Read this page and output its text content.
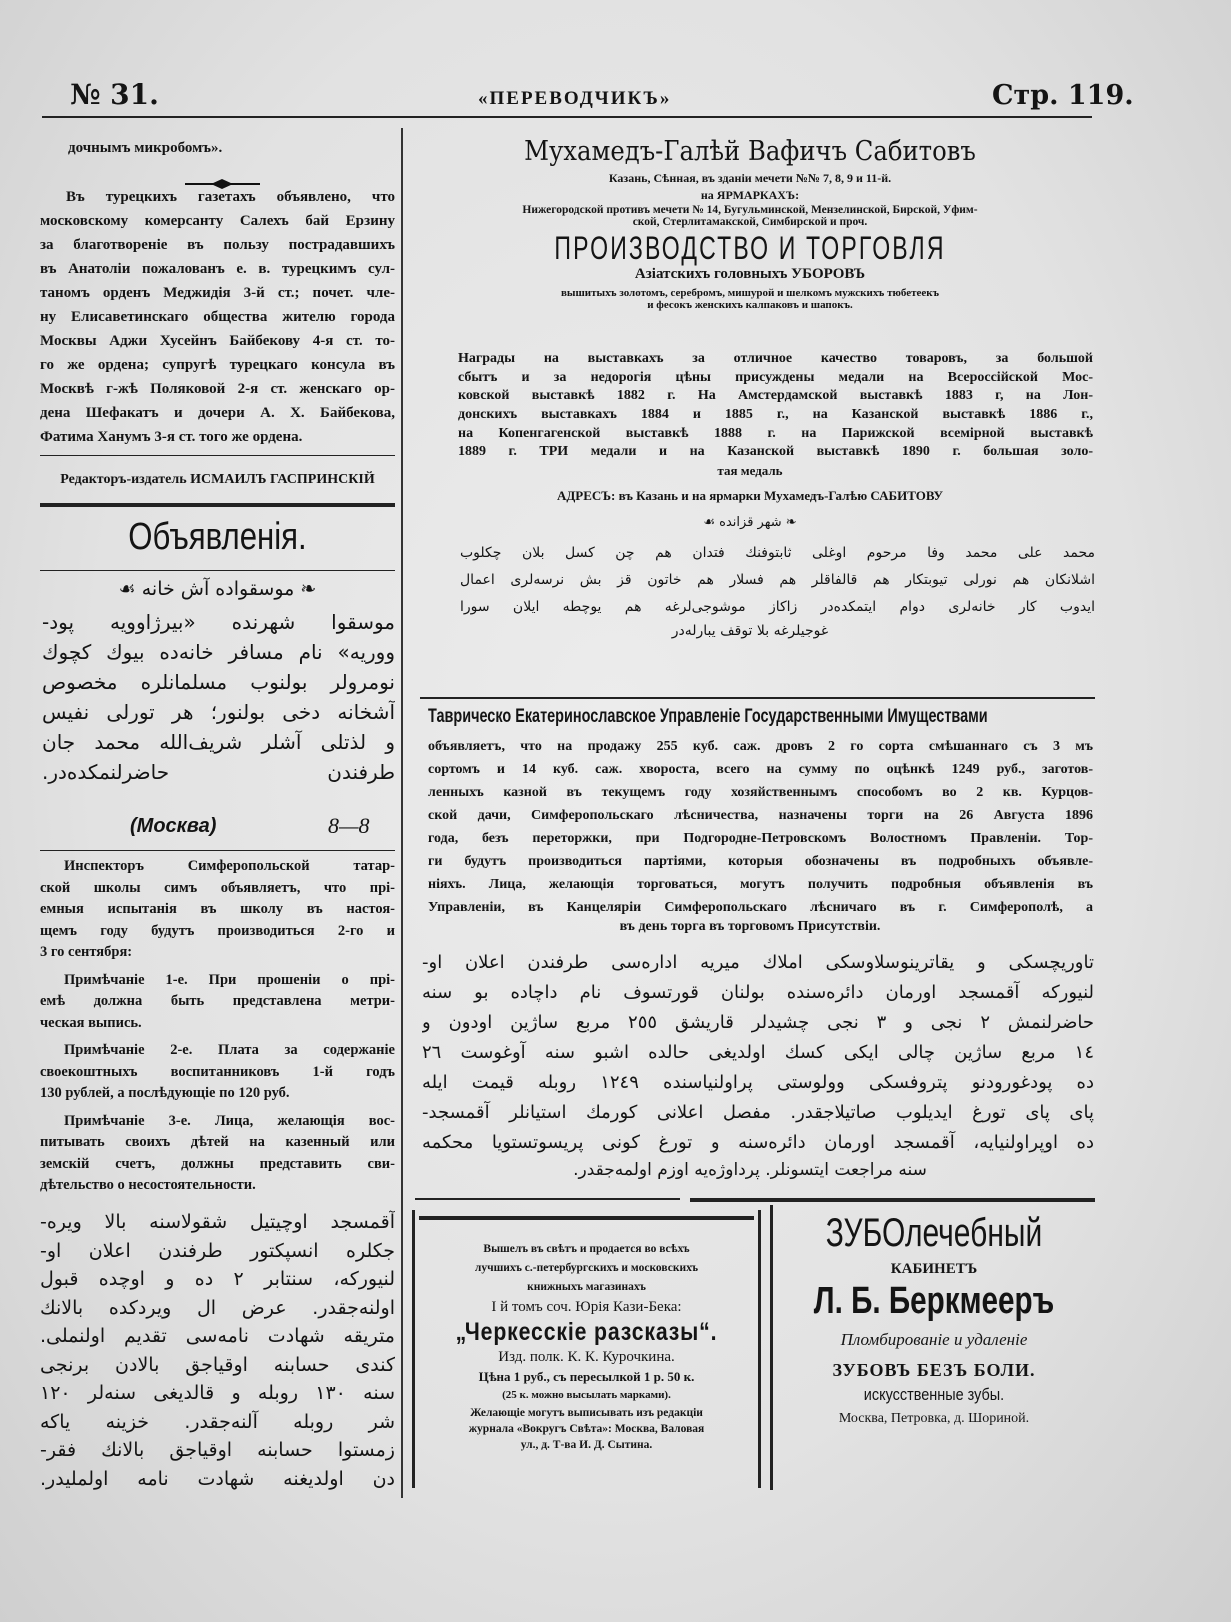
№ 31.	«ПЕРЕВОДЧИКЪ»	Стр. 119.
дочнымъ микробомъ».
Въ турецкихъ газетахъ объявлено, что
московскому комерсанту Салехъ бай Ерзину
за благотвореніе въ пользу пострадавшихъ
въ Анатоліи пожалованъ е. в. турецкимъ сул-
таномъ орденъ Меджидія 3-й ст.; почет. чле-
ну Елисаветинскаго общества жителю города
Москвы Аджи Хусейнъ Байбекову 4-я ст. то-
го же ордена; супругѣ турецкаго консула въ
Москвѣ г-жѣ Поляковой 2-я ст. женскаго ор-
дена Шефакатъ и дочери А. Х. Байбекова,
Фатима Ханумъ 3-я ст. того же ордена.
Редакторъ-издатель ИСМАИЛЪ ГАСПРИНСКІЙ
Объявленія.
❧ موسقواده آش خانه ☙
موسقوا شهرنده «بيرژاوويه پود-
ووريه» نام مسافر خانه‌ده بيوك كچوك
نومرولر بولنوب مسلمانلره مخصوص
آشخانه دخی بولنور؛ هر تورلی نفيس
و لذتلی آشلر شريف‌الله محمد جان
طرفندن حاضرلنمكده‌در.
(Москва)	8—8
Инспекторъ Симферопольской татар-
ской школы симъ объявляетъ, что прі-
емныя испытанія въ школу въ настоя-
щемъ году будутъ производиться 2-го и
3 го сентября:
Примѣчаніе 1-е. При прошеніи о прі-
емѣ должна быть представлена метри-
ческая выпись.
Примѣчаніе 2-е. Плата за содержаніе
своекоштныхъ воспитанниковъ 1-й годъ
130 рублей, а послѣдующіе по 120 руб.
Примѣчаніе 3-е. Лица, желающія вос-
питывать своихъ дѣтей на казенный или
земскій счетъ, должны представить сви-
дѣтельство о несостоятельности.
آقمسجد اوچيتيل شقولاسنه بالا ويره-
جكلره انسپكتور طرفندن اعلان او-
لنيوركه، سنتابر ٢ ده و اوچده قبول
اولنه‌جقدر. عرض ال ويردكده بالانك
متريقه شهادت نامه‌سی تقديم اولنملی.
كندی حسابنه اوقياجق بالادن برنجی
سنه ١٣٠ روبله و قالديغی سنه‌لر ١٢٠
شر روبله آلنه‌جقدر. خزينه ياكه
زمستوا حسابنه اوقياجق بالانك فقر-
دن اولديغنه شهادت نامه اولمليدر.
Мухамедъ-Галѣй Вафичъ Сабитовъ
Казань, Сѣнная, въ зданіи мечети №№ 7, 8, 9 и 11-й.
на ЯРМАРКАХЪ:
Нижегородской противъ мечети № 14, Бугульминской, Мензелинской, Бирской, Уфим-
ской, Стерлитамакской, Симбирской и проч.
ПРОИЗВОДСТВО И ТОРГОВЛЯ
Азіатскихъ головныхъ УБОРОВЪ
вышитыхъ золотомъ, серебромъ, мишурой и шелкомъ мужскихъ тюбетеекъ
и фесокъ женскихъ калпаковъ и шапокъ.
Награды на выставкахъ за отличное качество товаровъ, за большой
сбытъ и за недорогія цѣны присуждены медали на Всероссійской Мос-
ковской выставкѣ 1882 г. На Амстердамской выставкѣ 1883 г, на Лон-
донскихъ выставкахъ 1884 и 1885 г., на Казанской выставкѣ 1886 г.,
на Копенгагенской выставкѣ 1888 г. на Парижской всемірной выставкѣ
1889 г. ТРИ медали и на Казанской выставкѣ 1890 г. большая золо-
тая медаль
АДРЕСЪ: въ Казань и на ярмарки Мухамедъ-Галѣю САБИТОВУ
❧ شهر قزانده ☙
محمد علی محمد وفا مرحوم اوغلی ثابتوفنك فتدان هم چن كسل بلان چكلوب
اشلانكان هم نورلی تيوبتكار هم قالفاقلر هم فسلار هم خاتون قز بش نرسه‌لری اعمال
ايدوب كار خانه‌لری دوام ايتمكده‌در زاكاز موشوجی‌لرغه هم يوچطه ايلان سورا
غوجيلرغه بلا توقف يبارله‌در
Таврическо Екатеринославское Управленіе Государственными Имуществами
объявляетъ, что на продажу 255 куб. саж. дровъ 2 го сорта смѣшаннаго съ 3 мъ
сортомъ и 14 куб. саж. хвороста, всего на сумму по оцѣнкѣ 1249 руб., заготов-
ленныхъ казной въ текущемъ году хозяйственнымъ способомъ во 2 кв. Курцов-
ской дачи, Симферопольскаго лѣсничества, назначены торги на 26 Августа 1896
года, безъ переторжки, при Подгородне-Петровскомъ Волостномъ Правленіи. Тор-
ги будутъ производиться партіями, которыя обозначены въ подробныхъ объявле-
ніяхъ. Лица, желающія торговаться, могутъ получить подробныя объявленія въ
Управленіи, въ Канцеляріи Симферопольскаго лѣсничаго въ г. Симферополѣ, а
въ день торга въ торговомъ Присутствіи.
تاوريچسكی و يقاترينوسلاوسكی املاك ميريه اداره‌سی طرفندن اعلان او-
لنيوركه آقمسجد اورمان دائره‌سنده بولنان قورتسوف نام داچاده بو سنه
حاضرلنمش ٢ نجی و ٣ نجی چشيدلر قاريشق ٢٥٥ مربع ساژين اودون و
١٤ مربع ساژين چالی ايكی كسك اولديغی حالده اشبو سنه آوغوست ٢٦
ده پودغورودنو پتروفسكی وولوستی پراولنياسنده ١٢٤٩ روبله قيمت ايله
پای پای تورغ ايديلوب صاتيلاجقدر. مفصل اعلانی كورمك استيانلر آقمسجد-
ده اوپراولنيايه، آقمسجد اورمان دائره‌سنه و تورغ كونی پريسوتستويا محكمه
سنه مراجعت ايتسونلر. پرداوژه‌يه اوزم اولمه‌جقدر.
Вышелъ въ свѣтъ и продается во всѣхъ
лучшихъ с.-петербургскихъ и московскихъ
книжныхъ магазинахъ
I й томъ соч. Юрія Кази-Бека:
„Черкесскіе разсказы“.
Изд. полк. К. К. Курочкина.
Цѣна 1 руб., съ пересылкой 1 р. 50 к.
(25 к. можно высылать марками).
Желающіе могутъ выписывать изъ редакціи
журнала «Вокругъ Свѣта»: Москва, Валовая
ул., д. Т-ва И. Д. Сытина.
ЗУБОлечебный
КАБИНЕТЪ
Л. Б. Беркмееръ
Пломбированіе и удаленіе
ЗУБОВЪ БЕЗЪ БОЛИ.
искусственные зубы.
Москва, Петровка, д. Шориной.
